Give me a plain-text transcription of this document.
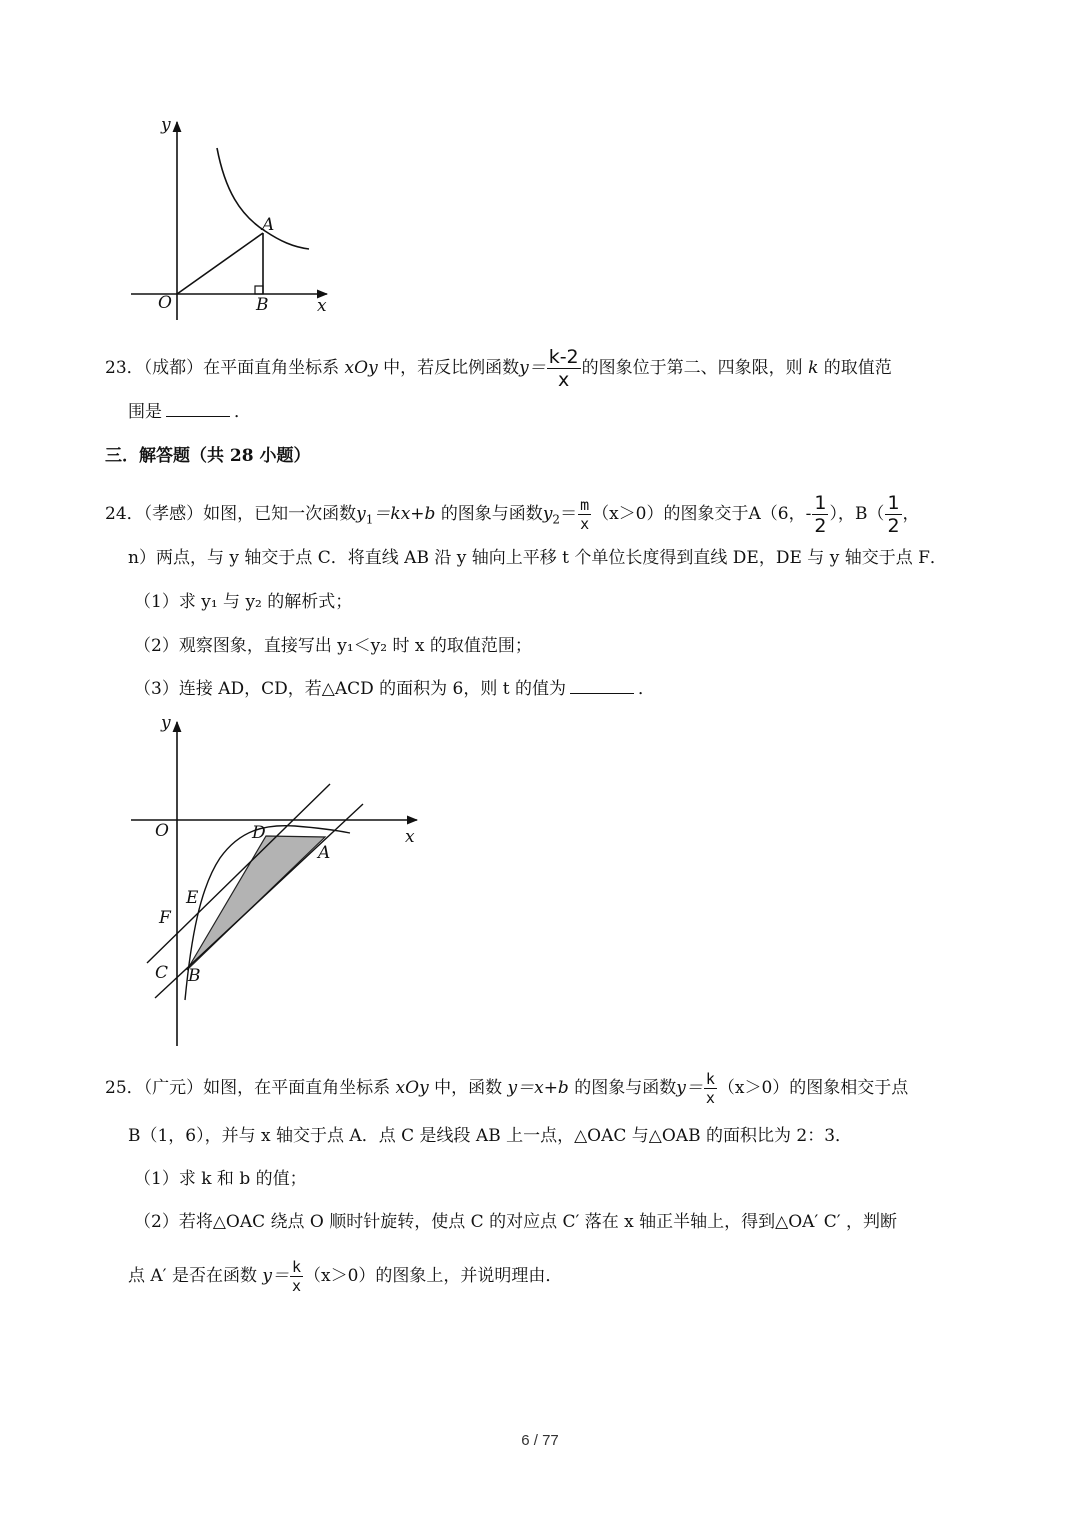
y
x
O
A
B
23．（成都）在平面直角坐标系 xOy 中，若反比例函数$y= \frac{k-2}{x}$ 的图象位于第二、四象限，则 k 的取值范
围是	．
三．解答题（共 28 小题）
24．（孝感）如图，已知一次函数$y_1=kx+b$ 的图象与函数$y_2= \frac{m}{x} (x>0)$的图象交于A（6，- $\frac{1}{2}$ ），$B( \frac{1}{2}$ ，
n）两点，与 y 轴交于点 C．将直线 AB 沿 y 轴向上平移 t 个单位长度得到直线 DE，DE 与 y 轴交于点 F．
（1）求 y₁ 与 y₂ 的解析式；
（2）观察图象，直接写出 y₁＜y₂ 时 x 的取值范围；
（3）连接 AD，CD，若△ACD 的面积为 6，则 t 的值为	．
y
x
O	D
A
E
F
C B
25．（广元）如图，在平面直角坐标系 xOy 中，函数 y＝x+b 的图象与函数$y= \frac{k}{x} (x>0)$的图象相交于点
B（1，6），并与 x 轴交于点 A．点 C 是线段 AB 上一点，△OAC 与△OAB 的面积比为 2：3．
（1）求 k 和 b 的值；
（2）若将△OAC 绕点 O 顺时针旋转，使点 C 的对应点 C′ 落在 x 轴正半轴上，得到△OA′ C′ ，判断
点 A′ 是否在函数 $y= \frac{k}{x} (x>0)$的图象上，并说明理由．
6 / 77
